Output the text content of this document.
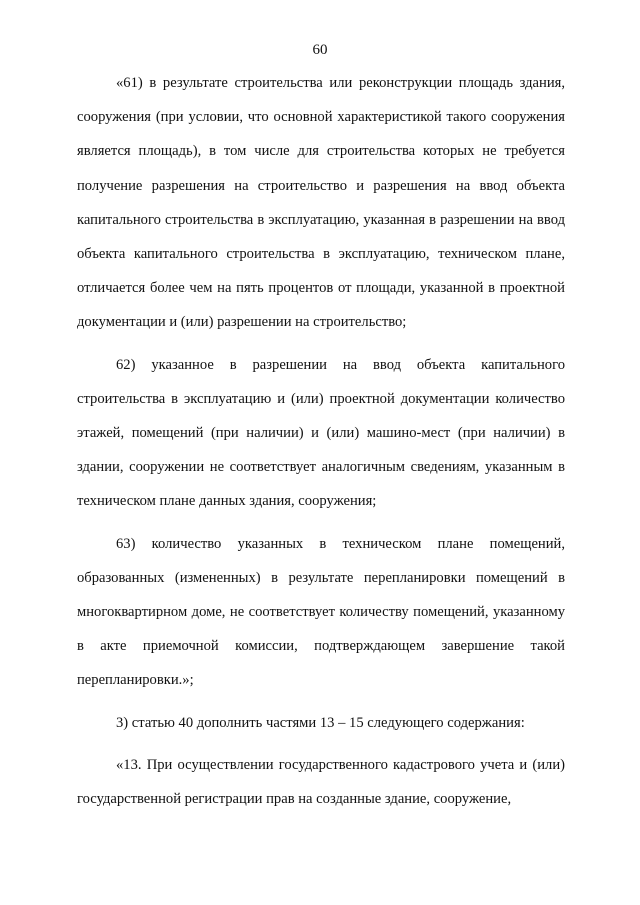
60

«61) в результате строительства или реконструкции площадь здания, сооружения (при условии, что основной характеристикой такого сооружения является площадь), в том числе для строительства которых не требуется получение разрешения на строительство и разрешения на ввод объекта капитального строительства в эксплуатацию, указанная в разрешении на ввод объекта капитального строительства в эксплуатацию, техническом плане, отличается более чем на пять процентов от площади, указанной в проектной документации и (или) разрешении на строительство;

62) указанное в разрешении на ввод объекта капитального строительства в эксплуатацию и (или) проектной документации количество этажей, помещений (при наличии) и (или) машино-мест (при наличии) в здании, сооружении не соответствует аналогичным сведениям, указанным в техническом плане данных здания, сооружения;

63) количество указанных в техническом плане помещений, образованных (измененных) в результате перепланировки помещений в многоквартирном доме, не соответствует количеству помещений, указанному в акте приемочной комиссии, подтверждающем завершение такой перепланировки.»;

3) статью 40 дополнить частями 13 – 15 следующего содержания:

«13. При осуществлении государственного кадастрового учета и (или) государственной регистрации прав на созданные здание, сооружение,
